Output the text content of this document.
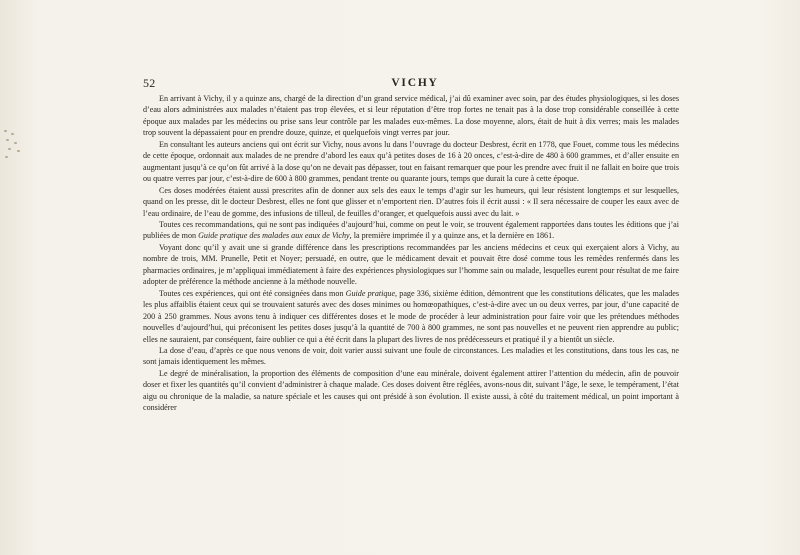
52	VICHY

En arrivant à Vichy, il y a quinze ans, chargé de la direction d’un grand service médical, j’ai dû examiner avec soin, par des études physiologiques, si les doses d’eau alors administrées aux malades n’étaient pas trop élevées, et si leur réputation d’être trop fortes ne tenait pas à la dose trop considérable conseillée à cette époque aux malades par les médecins ou prise sans leur contrôle par les malades eux-mêmes. La dose moyenne, alors, était de huit à dix verres; mais les malades trop souvent la dépassaient pour en prendre douze, quinze, et quelquefois vingt verres par jour.

En consultant les auteurs anciens qui ont écrit sur Vichy, nous avons lu dans l’ouvrage du docteur Desbrest, écrit en 1778, que Fouet, comme tous les médecins de cette époque, ordonnait aux malades de ne prendre d’abord les eaux qu’à petites doses de 16 à 20 onces, c’est-à-dire de 480 à 600 grammes, et d’aller ensuite en augmentant jusqu’à ce qu’on fût arrivé à la dose qu’on ne devait pas dépasser, tout en faisant remarquer que pour les prendre avec fruit il ne fallait en boire que trois ou quatre verres par jour, c’est-à-dire de 600 à 800 grammes, pendant trente ou quarante jours, temps que durait la cure à cette époque.

Ces doses modérées étaient aussi prescrites afin de donner aux sels des eaux le temps d’agir sur les humeurs, qui leur résistent longtemps et sur lesquelles, quand on les presse, dit le docteur Desbrest, elles ne font que glisser et n’emportent rien. D’autres fois il écrit aussi : « Il sera nécessaire de couper les eaux avec de l’eau ordinaire, de l’eau de gomme, des infusions de tilleul, de feuilles d’oranger, et quelquefois aussi avec du lait. »

Toutes ces recommandations, qui ne sont pas indiquées d’aujourd’hui, comme on peut le voir, se trouvent également rapportées dans toutes les éditions que j’ai publiées de mon Guide pratique des malades aux eaux de Vichy, la première imprimée il y a quinze ans, et la dernière en 1861.

Voyant donc qu’il y avait une si grande différence dans les prescriptions recommandées par les anciens médecins et ceux qui exerçaient alors à Vichy, au nombre de trois, MM. Prunelle, Petit et Noyer; persuadé, en outre, que le médicament devait et pouvait être dosé comme tous les remèdes renfermés dans les pharmacies ordinaires, je m’appliquai immédiatement à faire des expériences physiologiques sur l’homme sain ou malade, lesquelles eurent pour résultat de me faire adopter de préférence la méthode ancienne à la méthode nouvelle.

Toutes ces expériences, qui ont été consignées dans mon Guide pratique, page 336, sixième édition, démontrent que les constitutions délicates, que les malades les plus affaiblis étaient ceux qui se trouvaient saturés avec des doses minimes ou homœopathiques, c’est-à-dire avec un ou deux verres, par jour, d’une capacité de 200 à 250 grammes. Nous avons tenu à indiquer ces différentes doses et le mode de procéder à leur administration pour faire voir que les prétendues méthodes nouvelles d’aujourd’hui, qui préconisent les petites doses jusqu’à la quantité de 700 à 800 grammes, ne sont pas nouvelles et ne peuvent rien apprendre au public; elles ne sauraient, par conséquent, faire oublier ce qui a été écrit dans la plupart des livres de nos prédécesseurs et pratiqué il y a bientôt un siècle.

La dose d’eau, d’après ce que nous venons de voir, doit varier aussi suivant une foule de circonstances. Les maladies et les constitutions, dans tous les cas, ne sont jamais identiquement les mêmes.

Le degré de minéralisation, la proportion des éléments de composition d’une eau minérale, doivent également attirer l’attention du médecin, afin de pouvoir doser et fixer les quantités qu’il convient d’administrer à chaque malade. Ces doses doivent être réglées, avons-nous dit, suivant l’âge, le sexe, le tempérament, l’état aigu ou chronique de la maladie, sa nature spéciale et les causes qui ont présidé à son évolution. Il existe aussi, à côté du traitement médical, un point important à considérer
